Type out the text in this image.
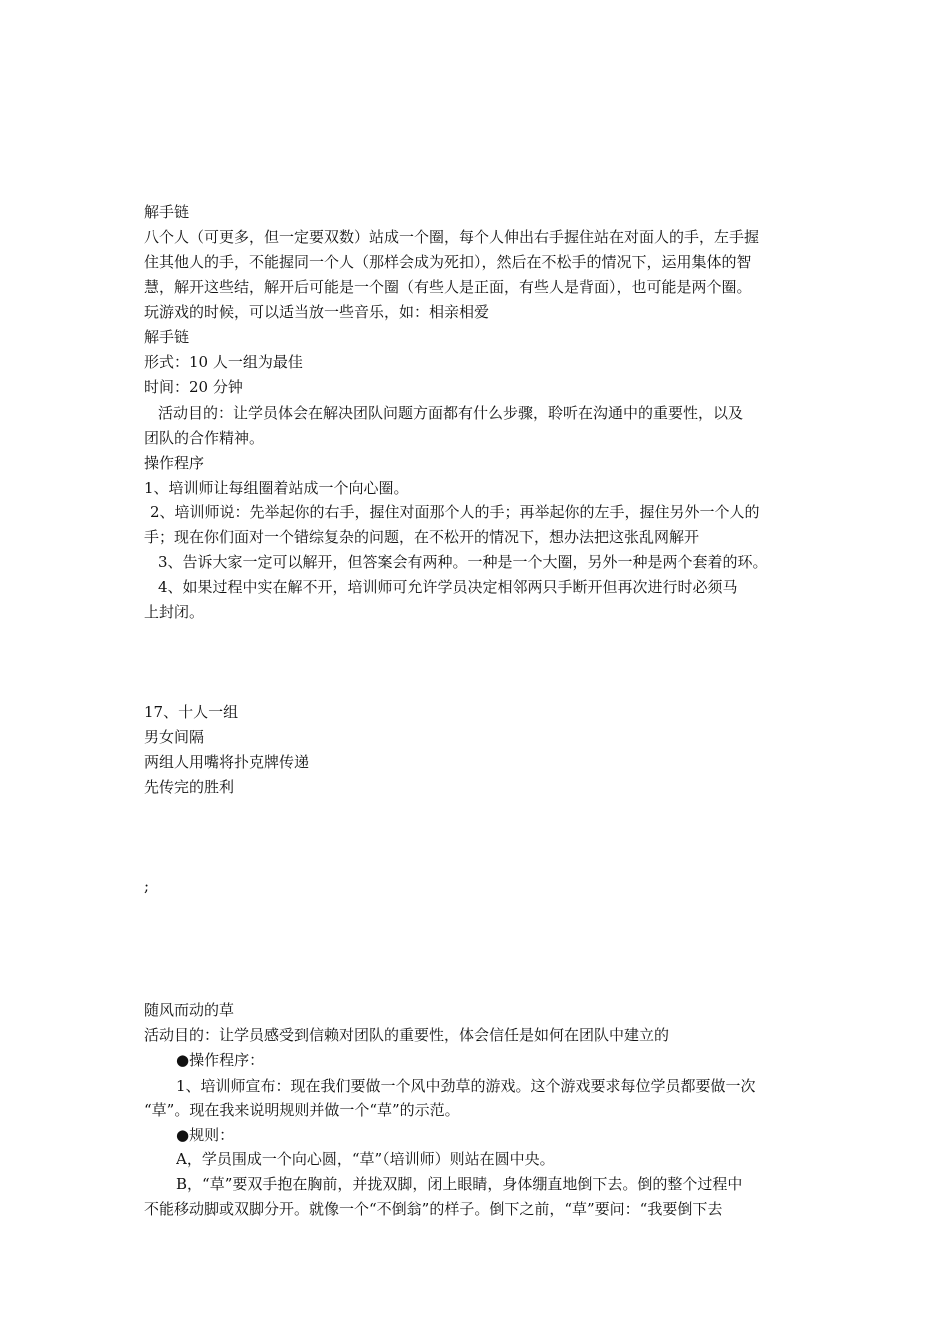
解手链
八个人（可更多，但一定要双数）站成一个圈，每个人伸出右手握住站在对面人的手，左手握
住其他人的手，不能握同一个人（那样会成为死扣），然后在不松手的情况下，运用集体的智
慧，解开这些结，解开后可能是一个圈（有些人是正面，有些人是背面），也可能是两个圈。
玩游戏的时候，可以适当放一些音乐，如：相亲相爱
解手链
形式：10 人一组为最佳
时间：20 分钟
活动目的：让学员体会在解决团队问题方面都有什么步骤，聆听在沟通中的重要性，以及
团队的合作精神。
操作程序
1、培训师让每组圈着站成一个向心圈。
2、培训师说：先举起你的右手，握住对面那个人的手；再举起你的左手，握住另外一个人的
手；现在你们面对一个错综复杂的问题，在不松开的情况下，想办法把这张乱网解开
3、告诉大家一定可以解开，但答案会有两种。一种是一个大圈，另外一种是两个套着的环。
4、如果过程中实在解不开，培训师可允许学员决定相邻两只手断开但再次进行时必须马
上封闭。
17、十人一组
男女间隔
两组人用嘴将扑克牌传递
先传完的胜利
;
随风而动的草
活动目的：让学员感受到信赖对团队的重要性，体会信任是如何在团队中建立的
●操作程序：
1、培训师宣布：现在我们要做一个风中劲草的游戏。这个游戏要求每位学员都要做一次
“草”。现在我来说明规则并做一个“草”的示范。
●规则：
A，学员围成一个向心圆，“草”（培训师）则站在圆中央。
B，“草”要双手抱在胸前，并拢双脚，闭上眼睛，身体绷直地倒下去。倒的整个过程中
不能移动脚或双脚分开。就像一个“不倒翁”的样子。倒下之前，“草”要问：“我要倒下去
